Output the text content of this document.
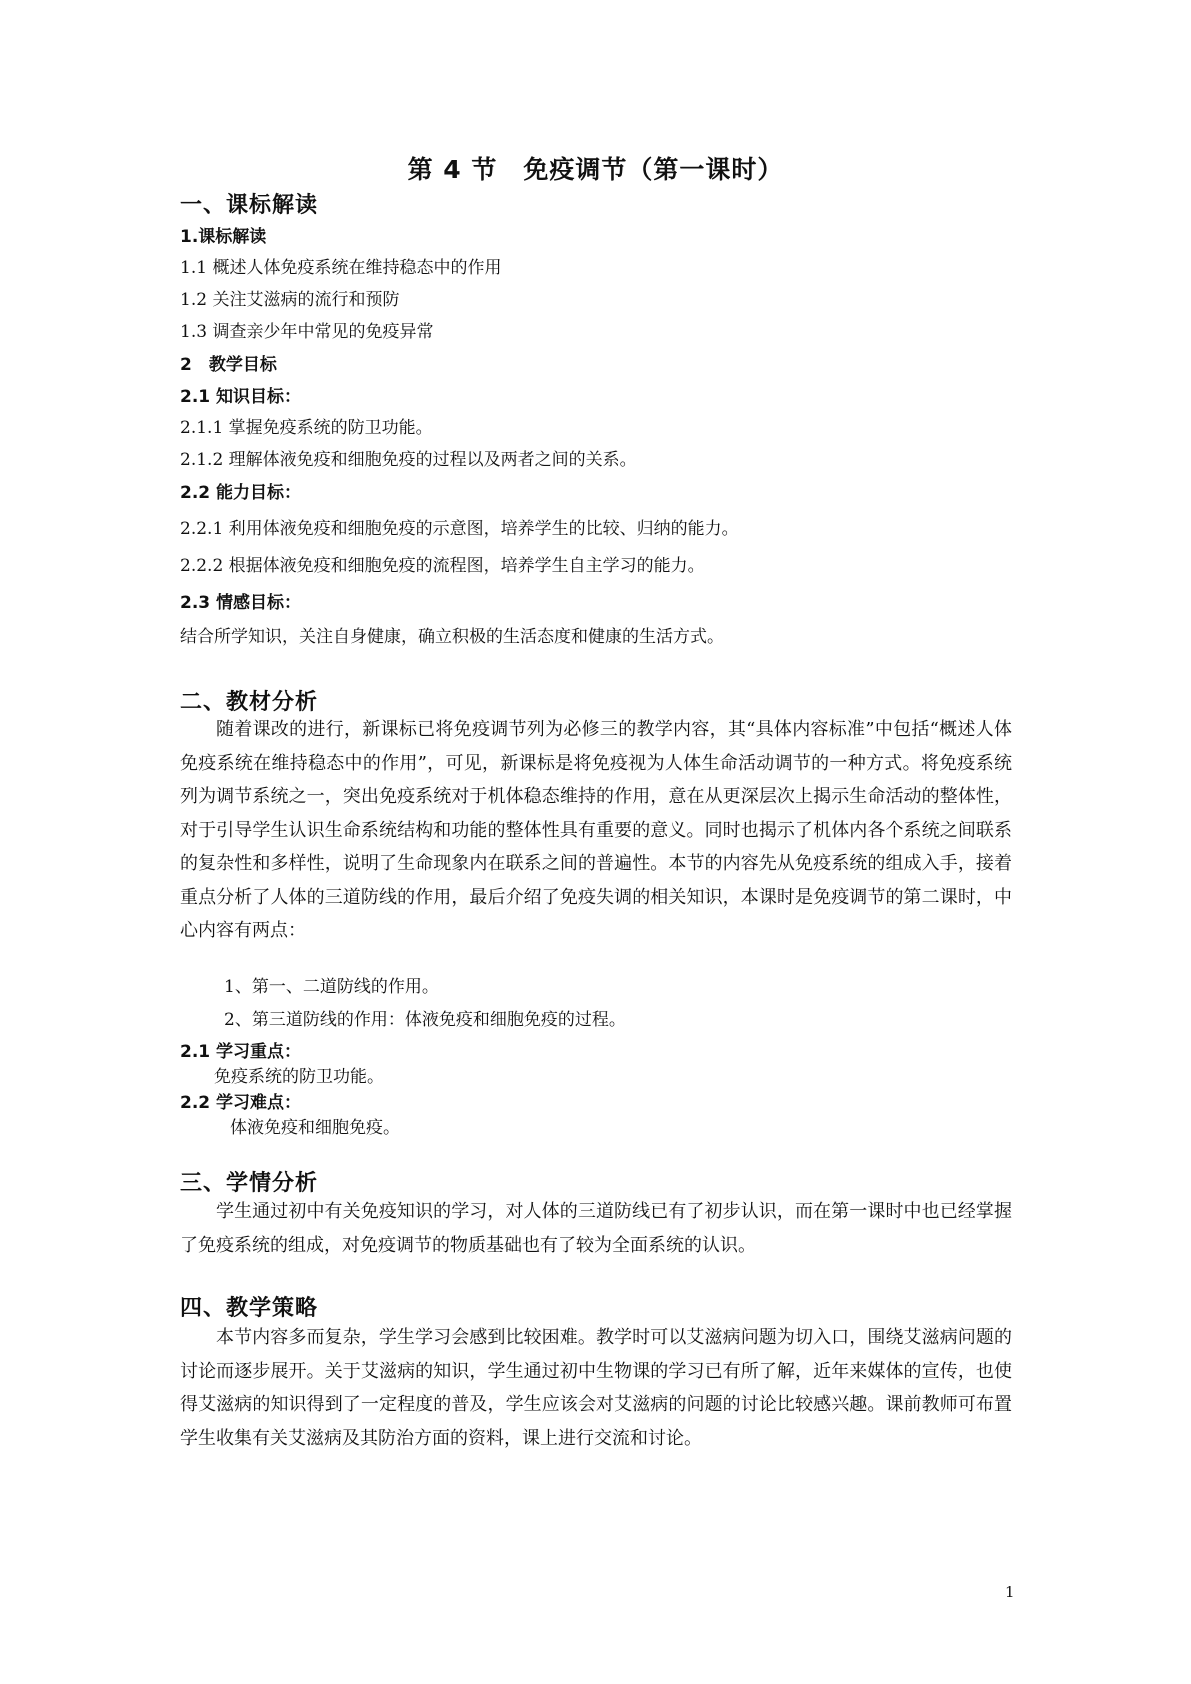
第 4 节　免疫调节（第一课时）
一、课标解读
1.课标解读
1.1 概述人体免疫系统在维持稳态中的作用
1.2 关注艾滋病的流行和预防
1.3 调查亲少年中常见的免疫异常
2　教学目标
2.1 知识目标：
2.1.1 掌握免疫系统的防卫功能。
2.1.2 理解体液免疫和细胞免疫的过程以及两者之间的关系。
2.2 能力目标：
2.2.1 利用体液免疫和细胞免疫的示意图，培养学生的比较、归纳的能力。
2.2.2 根据体液免疫和细胞免疫的流程图，培养学生自主学习的能力。
2.3 情感目标：
结合所学知识，关注自身健康，确立积极的生活态度和健康的生活方式。
二、教材分析

随着课改的进行，新课标已将免疫调节列为必修三的教学内容，其“具体内容标准”中包括“概述人体免疫系统在维持稳态中的作用”，可见，新课标是将免疫视为人体生命活动调节的一种方式。将免疫系统列为调节系统之一，突出免疫系统对于机体稳态维持的作用，意在从更深层次上揭示生命活动的整体性，对于引导学生认识生命系统结构和功能的整体性具有重要的意义。同时也揭示了机体内各个系统之间联系的复杂性和多样性，说明了生命现象内在联系之间的普遍性。本节的内容先从免疫系统的组成入手，接着重点分析了人体的三道防线的作用，最后介绍了免疫失调的相关知识，本课时是免疫调节的第二课时，中心内容有两点：

1、第一、二道防线的作用。
2、第三道防线的作用：体液免疫和细胞免疫的过程。
2.1 学习重点：
免疫系统的防卫功能。
2.2 学习难点：
体液免疫和细胞免疫。
三、学情分析

学生通过初中有关免疫知识的学习，对人体的三道防线已有了初步认识，而在第一课时中也已经掌握了免疫系统的组成，对免疫调节的物质基础也有了较为全面系统的认识。

四、教学策略

本节内容多而复杂，学生学习会感到比较困难。教学时可以艾滋病问题为切入口，围绕艾滋病问题的讨论而逐步展开。关于艾滋病的知识，学生通过初中生物课的学习已有所了解，近年来媒体的宣传，也使得艾滋病的知识得到了一定程度的普及，学生应该会对艾滋病的问题的讨论比较感兴趣。课前教师可布置学生收集有关艾滋病及其防治方面的资料，课上进行交流和讨论。

1
